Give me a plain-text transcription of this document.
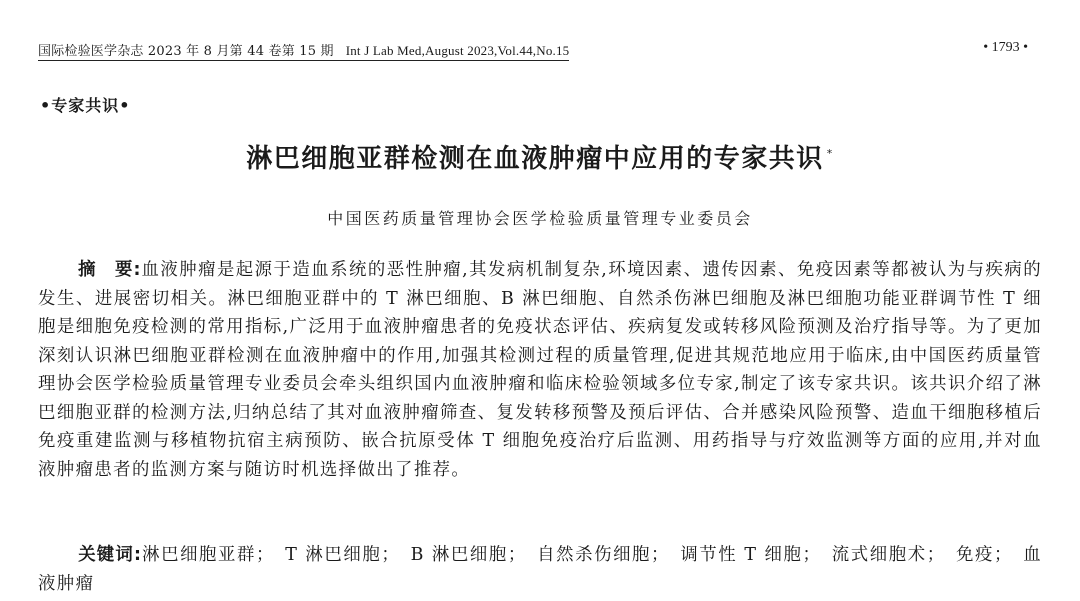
国际检验医学杂志 2023 年 8 月第 44 卷第 15 期 Int J Lab Med,August 2023,Vol.44,No.15	• 1793 •
•专家共识•
淋巴细胞亚群检测在血液肿瘤中应用的专家共识 *
中国医药质量管理协会医学检验质量管理专业委员会

摘　要:血液肿瘤是起源于造血系统的恶性肿瘤,其发病机制复杂,环境因素、遗传因素、免疫因素等都被认为与疾病的发生、进展密切相关。淋巴细胞亚群中的 T 淋巴细胞、B 淋巴细胞、自然杀伤淋巴细胞及淋巴细胞功能亚群调节性 T 细胞是细胞免疫检测的常用指标,广泛用于血液肿瘤患者的免疫状态评估、疾病复发或转移风险预测及治疗指导等。为了更加深刻认识淋巴细胞亚群检测在血液肿瘤中的作用,加强其检测过程的质量管理,促进其规范地应用于临床,由中国医药质量管理协会医学检验质量管理专业委员会牵头组织国内血液肿瘤和临床检验领域多位专家,制定了该专家共识。该共识介绍了淋巴细胞亚群的检测方法,归纳总结了其对血液肿瘤筛查、复发转移预警及预后评估、合并感染风险预警、造血干细胞移植后免疫重建监测与移植物抗宿主病预防、嵌合抗原受体 T 细胞免疫治疗后监测、用药指导与疗效监测等方面的应用,并对血液肿瘤患者的监测方案与随访时机选择做出了推荐。

关键词:淋巴细胞亚群；　T 淋巴细胞；　B 淋巴细胞；　自然杀伤细胞；　调节性 T 细胞；　流式细胞术；　免疫；　血液肿瘤
